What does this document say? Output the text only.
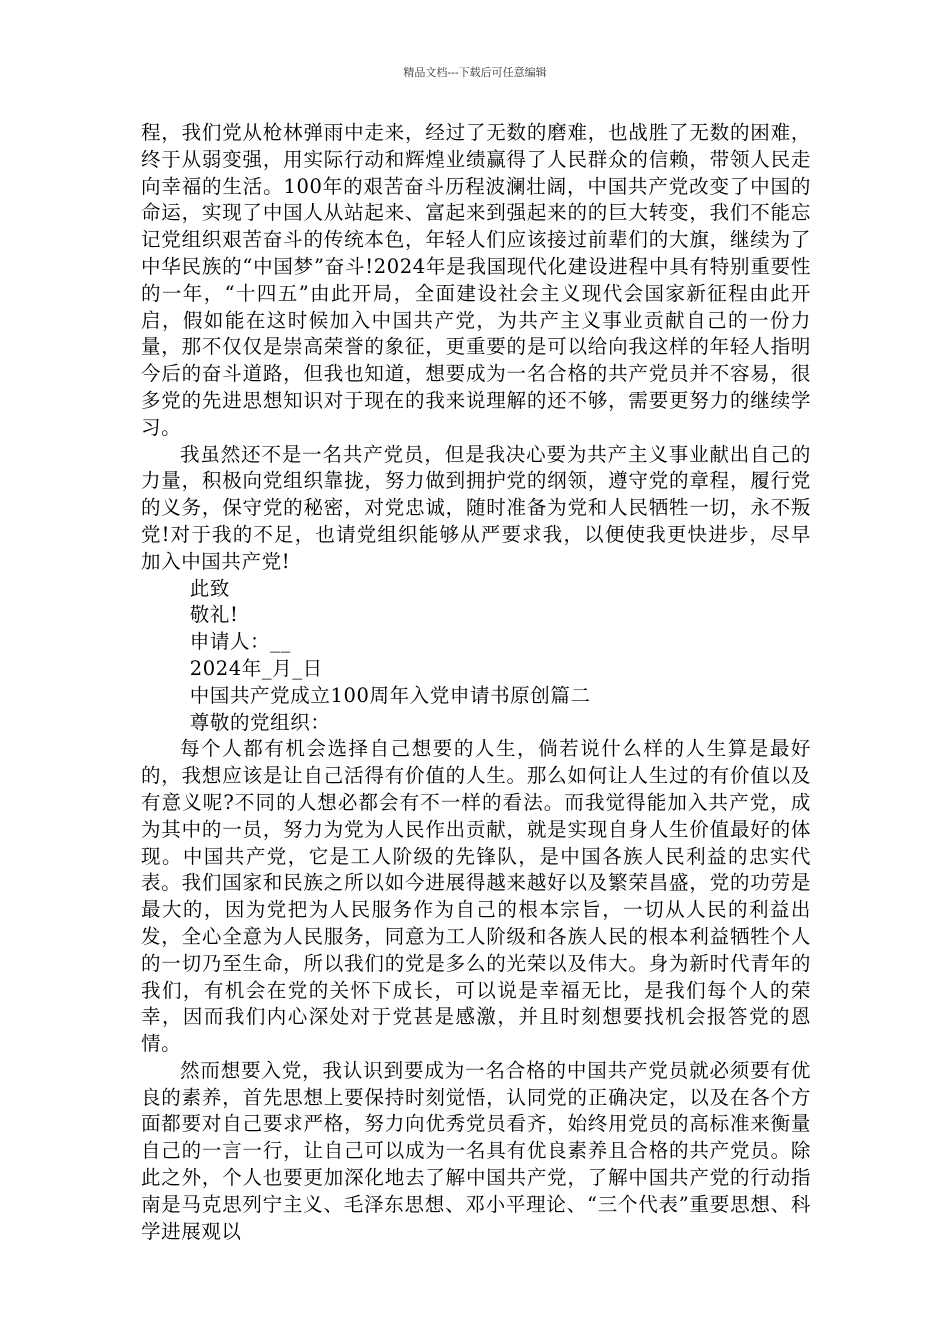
精品文档---下载后可任意编辑

程，我们党从枪林弹雨中走来，经过了无数的磨难，也战胜了无数的困难，终于从弱变强，用实际行动和辉煌业绩赢得了人民群众的信赖，带领人民走向幸福的生活。100年的艰苦奋斗历程波澜壮阔，中国共产党改变了中国的命运，实现了中国人从站起来、富起来到强起来的的巨大转变，我们不能忘记党组织艰苦奋斗的传统本色，年轻人们应该接过前辈们的大旗，继续为了中华民族的“中国梦”奋斗!2024年是我国现代化建设进程中具有特别重要性的一年，“十四五”由此开局，全面建设社会主义现代会国家新征程由此开启，假如能在这时候加入中国共产党，为共产主义事业贡献自己的一份力量，那不仅仅是崇高荣誉的象征，更重要的是可以给向我这样的年轻人指明今后的奋斗道路，但我也知道，想要成为一名合格的共产党员并不容易，很多党的先进思想知识对于现在的我来说理解的还不够，需要更努力的继续学习。

我虽然还不是一名共产党员，但是我决心要为共产主义事业献出自己的力量，积极向党组织靠拢，努力做到拥护党的纲领，遵守党的章程，履行党的义务，保守党的秘密，对党忠诚，随时准备为党和人民牺牲一切，永不叛党!对于我的不足，也请党组织能够从严要求我，以便使我更快进步，尽早加入中国共产党!

此致

敬礼!

申请人：__

2024年_月_日

中国共产党成立100周年入党申请书原创篇二

尊敬的党组织：

每个人都有机会选择自己想要的人生，倘若说什么样的人生算是最好的，我想应该是让自己活得有价值的人生。那么如何让人生过的有价值以及有意义呢?不同的人想必都会有不一样的看法。而我觉得能加入共产党，成为其中的一员，努力为党为人民作出贡献，就是实现自身人生价值最好的体现。中国共产党，它是工人阶级的先锋队，是中国各族人民利益的忠实代表。我们国家和民族之所以如今进展得越来越好以及繁荣昌盛，党的功劳是最大的，因为党把为人民服务作为自己的根本宗旨，一切从人民的利益出发，全心全意为人民服务，同意为工人阶级和各族人民的根本利益牺牲个人的一切乃至生命，所以我们的党是多么的光荣以及伟大。身为新时代青年的我们，有机会在党的关怀下成长，可以说是幸福无比，是我们每个人的荣幸，因而我们内心深处对于党甚是感激，并且时刻想要找机会报答党的恩情。

然而想要入党，我认识到要成为一名合格的中国共产党员就必须要有优良的素养，首先思想上要保持时刻觉悟，认同党的正确决定，以及在各个方面都要对自己要求严格，努力向优秀党员看齐，始终用党员的高标准来衡量自己的一言一行，让自己可以成为一名具有优良素养且合格的共产党员。除此之外，个人也要更加深化地去了解中国共产党，了解中国共产党的行动指南是马克思列宁主义、毛泽东思想、邓小平理论、“三个代表”重要思想、科学进展观以
